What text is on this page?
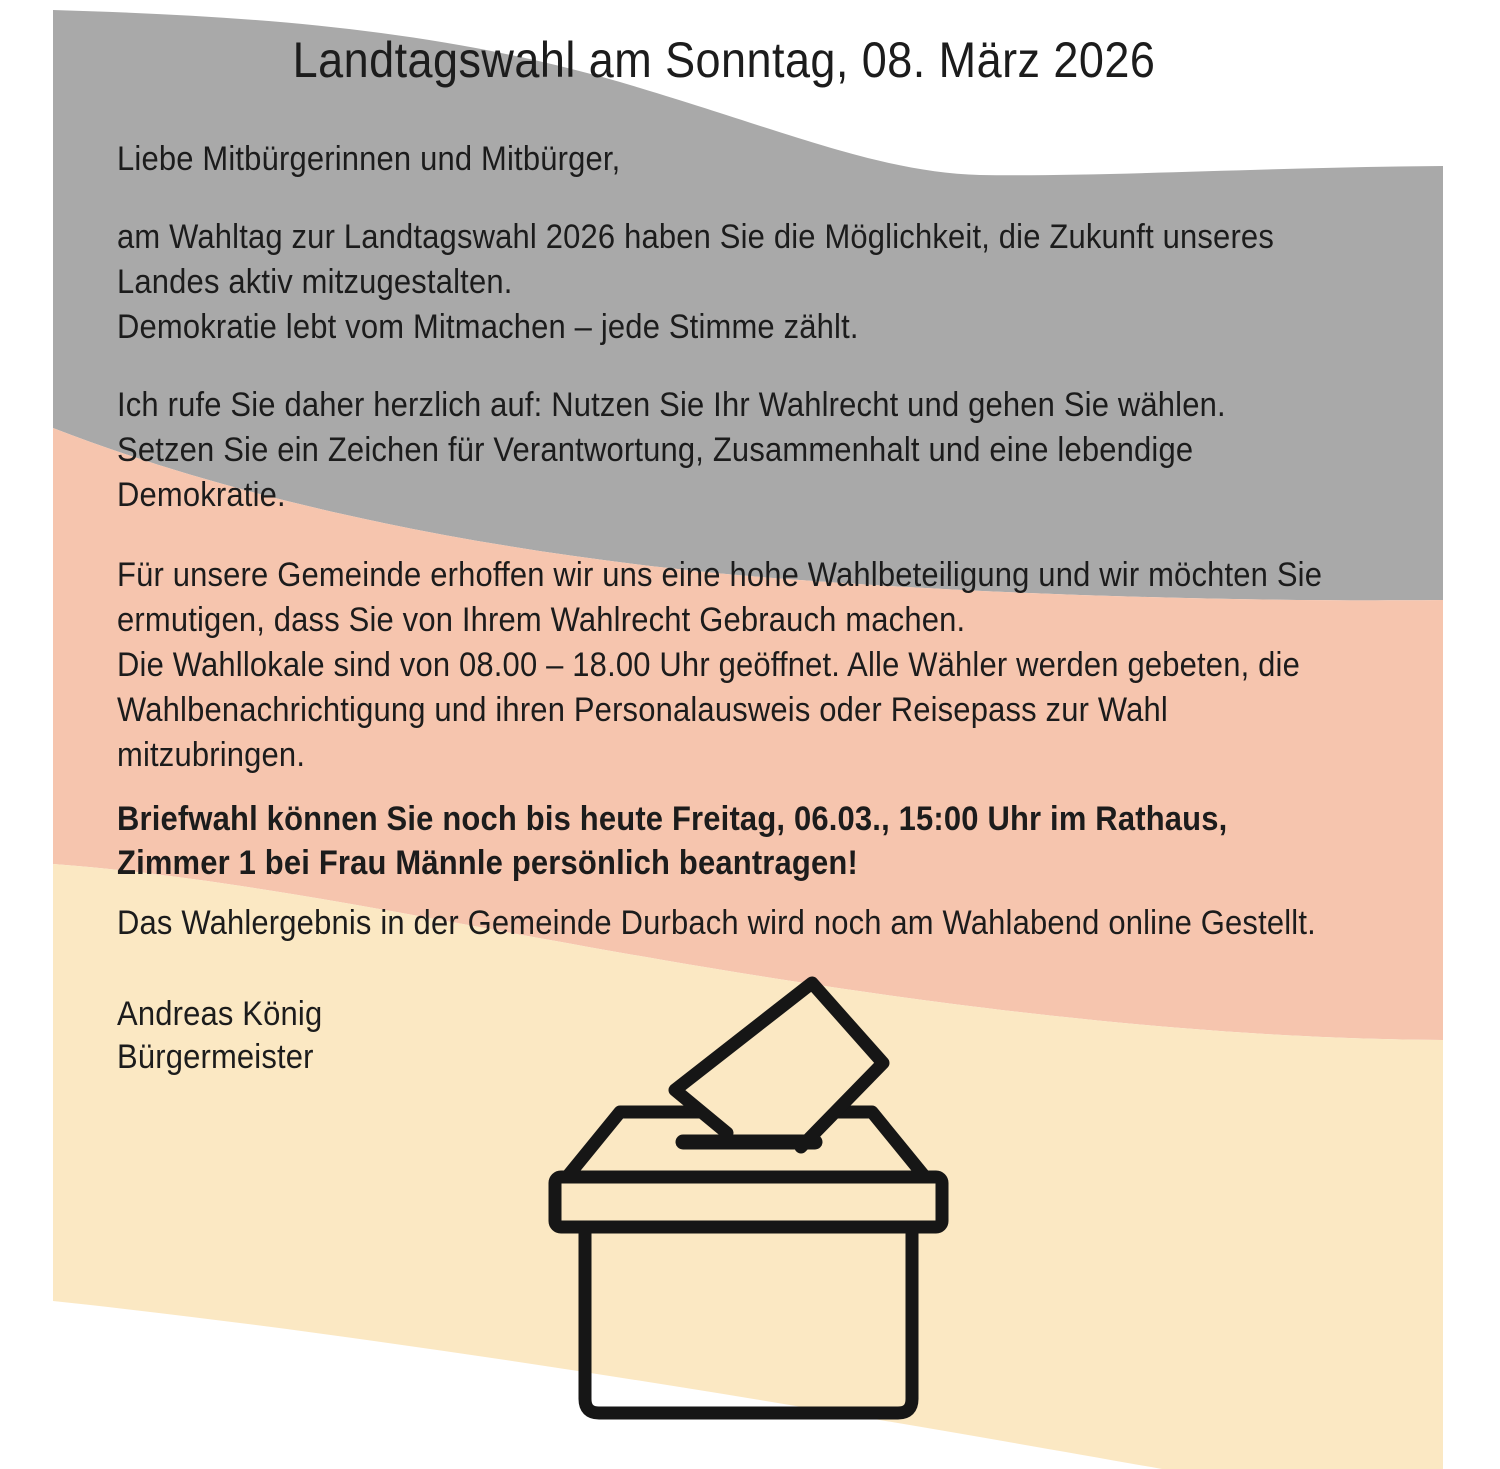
Landtagswahl am Sonntag, 08. März 2026
Liebe Mitbürgerinnen und Mitbürger,
am Wahltag zur Landtagswahl 2026 haben Sie die Möglichkeit, die Zukunft unseres
Landes aktiv mitzugestalten.
Demokratie lebt vom Mitmachen – jede Stimme zählt.
Ich rufe Sie daher herzlich auf: Nutzen Sie Ihr Wahlrecht und gehen Sie wählen.
Setzen Sie ein Zeichen für Verantwortung, Zusammenhalt und eine lebendige
Demokratie.
Für unsere Gemeinde erhoffen wir uns eine hohe Wahlbeteiligung und wir möchten Sie
ermutigen, dass Sie von Ihrem Wahlrecht Gebrauch machen.
Die Wahllokale sind von 08.00 – 18.00 Uhr geöffnet. Alle Wähler werden gebeten, die
Wahlbenachrichtigung und ihren Personalausweis oder Reisepass zur Wahl
mitzubringen.
Briefwahl können Sie noch bis heute Freitag, 06.03., 15:00 Uhr im Rathaus,
Zimmer 1 bei Frau Männle persönlich beantragen!
Das Wahlergebnis in der Gemeinde Durbach wird noch am Wahlabend online Gestellt.
Andreas König
Bürgermeister
